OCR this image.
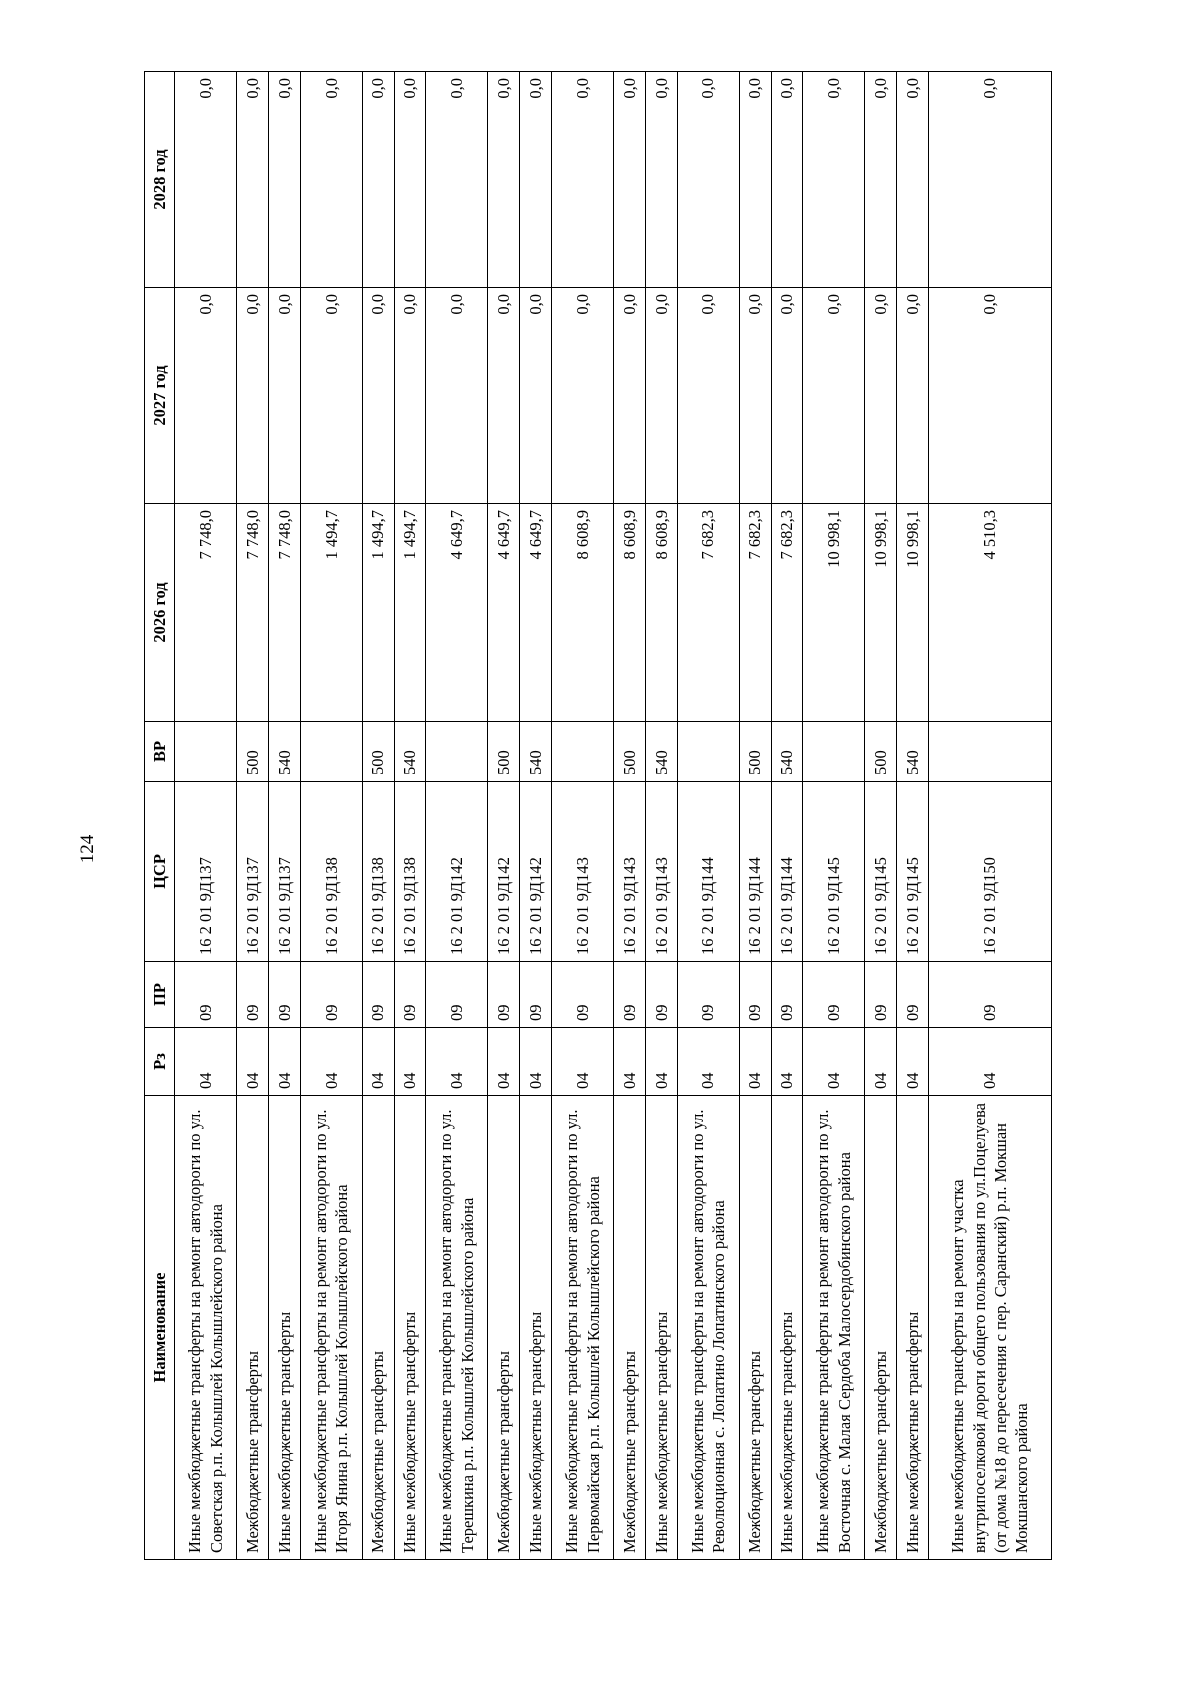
124
Наименование	Рз	ПР	ЦСР	ВР	2026 год	2027 год	2028 год
Иные межбюджетные трансферты на ремонт автодороги по ул. Советская р.п. Колышлей Колышлейского района	04	09	16 2 01 9Д137		7 748,0	0,0	0,0
Межбюджетные трансферты	04	09	16 2 01 9Д137	500	7 748,0	0,0	0,0
Иные межбюджетные трансферты	04	09	16 2 01 9Д137	540	7 748,0	0,0	0,0
Иные межбюджетные трансферты на ремонт автодороги по ул. Игоря Янина р.п. Колышлей Колышлейского района	04	09	16 2 01 9Д138		1 494,7	0,0	0,0
Межбюджетные трансферты	04	09	16 2 01 9Д138	500	1 494,7	0,0	0,0
Иные межбюджетные трансферты	04	09	16 2 01 9Д138	540	1 494,7	0,0	0,0
Иные межбюджетные трансферты на ремонт автодороги по ул. Терешкина р.п. Колышлей Колышлейского района	04	09	16 2 01 9Д142		4 649,7	0,0	0,0
Межбюджетные трансферты	04	09	16 2 01 9Д142	500	4 649,7	0,0	0,0
Иные межбюджетные трансферты	04	09	16 2 01 9Д142	540	4 649,7	0,0	0,0
Иные межбюджетные трансферты на ремонт автодороги по ул. Первомайская р.п. Колышлей Колышлейского района	04	09	16 2 01 9Д143		8 608,9	0,0	0,0
Межбюджетные трансферты	04	09	16 2 01 9Д143	500	8 608,9	0,0	0,0
Иные межбюджетные трансферты	04	09	16 2 01 9Д143	540	8 608,9	0,0	0,0
Иные межбюджетные трансферты на ремонт автодороги по ул. Революционная с. Лопатино Лопатинского района	04	09	16 2 01 9Д144		7 682,3	0,0	0,0
Межбюджетные трансферты	04	09	16 2 01 9Д144	500	7 682,3	0,0	0,0
Иные межбюджетные трансферты	04	09	16 2 01 9Д144	540	7 682,3	0,0	0,0
Иные межбюджетные трансферты на ремонт автодороги по ул. Восточная с. Малая Сердоба Малосердобинского района	04	09	16 2 01 9Д145		10 998,1	0,0	0,0
Межбюджетные трансферты	04	09	16 2 01 9Д145	500	10 998,1	0,0	0,0
Иные межбюджетные трансферты	04	09	16 2 01 9Д145	540	10 998,1	0,0	0,0
Иные межбюджетные трансферты на ремонт участка внутрипоселковой дороги общего пользования по ул.Поцелуева (от дома №18 до пересечения с пер. Саранский) р.п. Мокшан Мокшанского района	04	09	16 2 01 9Д150		4 510,3	0,0	0,0
